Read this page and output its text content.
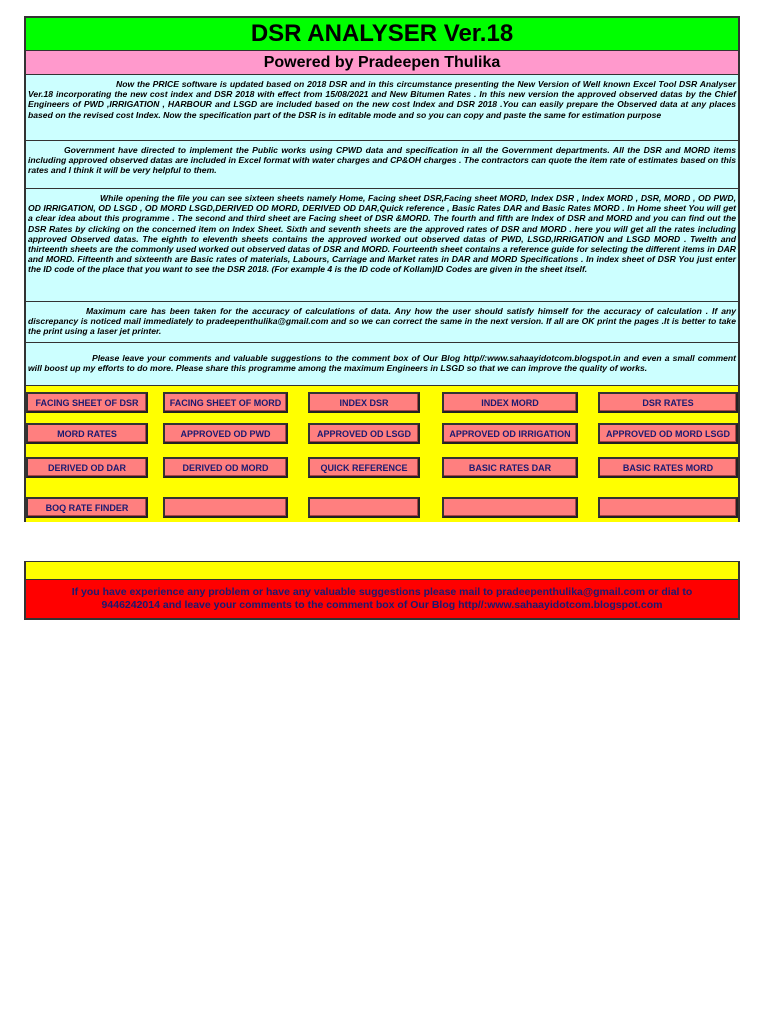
DSR ANALYSER Ver.18
Powered by Pradeepen Thulika
Now the PRICE software is updated based on 2018 DSR and in this circumstance presenting the New Version of Well known Excel Tool DSR Analyser Ver.18 incorporating the new cost index and DSR 2018 with effect from 15/08/2021 and New Bitumen Rates . In this new version the approved observed datas by the Chief Engineers of PWD ,IRRIGATION , HARBOUR and LSGD are included based on the new cost Index and DSR 2018 .You can easily prepare the Observed data at any places based on the revised cost Index. Now the specification part of the DSR is in editable mode and so you can copy and paste the same for estimation purpose
Government have directed to implement the Public works using CPWD data and specification in all the Government departments. All the DSR and MORD items including approved observed datas are included in Excel format with water charges and CP&OH charges . The contractors can quote the item rate of estimates based on this rates and I think it will be very helpful to them.
While opening the file you can see sixteen sheets namely Home, Facing sheet DSR,Facing sheet MORD, Index DSR , Index MORD , DSR, MORD , OD PWD, OD IRRIGATION, OD LSGD , OD MORD LSGD,DERIVED OD MORD, DERIVED OD DAR,Quick reference , Basic Rates DAR and Basic Rates MORD . In Home sheet You will get a clear idea about this programme . The second and third sheet are Facing sheet of DSR &MORD. The fourth and fifth are Index of DSR and MORD and you can find out the DSR Rates by clicking on the concerned item on Index Sheet. Sixth and seventh sheets are the approved rates of DSR and MORD . here you will get all the rates including approved Observed datas. The eighth to eleventh sheets contains the approved worked out observed datas of PWD, LSGD,IRRIGATION and LSGD MORD . Twelth and thirteenth sheets are the commonly used worked out observed datas of DSR and MORD. Fourteenth sheet contains a reference guide for selecting the different items in DAR and MORD. Fifteenth and sixteenth are Basic rates of materials, Labours, Carriage and Market rates in DAR and MORD Specifications . In index sheet of DSR You just enter the ID code of the place that you want to see the DSR 2018. (For example 4 is the ID code of Kollam)ID Codes are given in the sheet itself.
Maximum care has been taken for the accuracy of calculations of data. Any how the user should satisfy himself for the accuracy of calculation . If any discrepancy is noticed mail immediately to pradeepenthulika@gmail.com and so we can correct the same in the next version. If all are OK print the pages .It is better to take the print using a laser jet printer.
Please leave your comments and valuable suggestions to the comment box of Our Blog http//:www.sahaayidotcom.blogspot.in and even a small comment will boost up my efforts to do more. Please share this programme among the maximum Engineers in LSGD so that we can improve the quality of works.
FACING SHEET OF DSR	FACING SHEET OF MORD	INDEX DSR	INDEX MORD	DSR RATES
MORD RATES	APPROVED OD PWD	APPROVED OD LSGD	APPROVED OD IRRIGATION	APPROVED OD MORD LSGD
DERIVED OD DAR	DERIVED OD MORD	QUICK REFERENCE	BASIC RATES DAR	BASIC RATES MORD
BOQ RATE FINDER
If you have experience any problem or have any valuable suggestions please mail to pradeepenthulika@gmail.com or dial to 9446242014 and leave your comments to the comment box of Our Blog http//:www.sahaayidotcom.blogspot.com
